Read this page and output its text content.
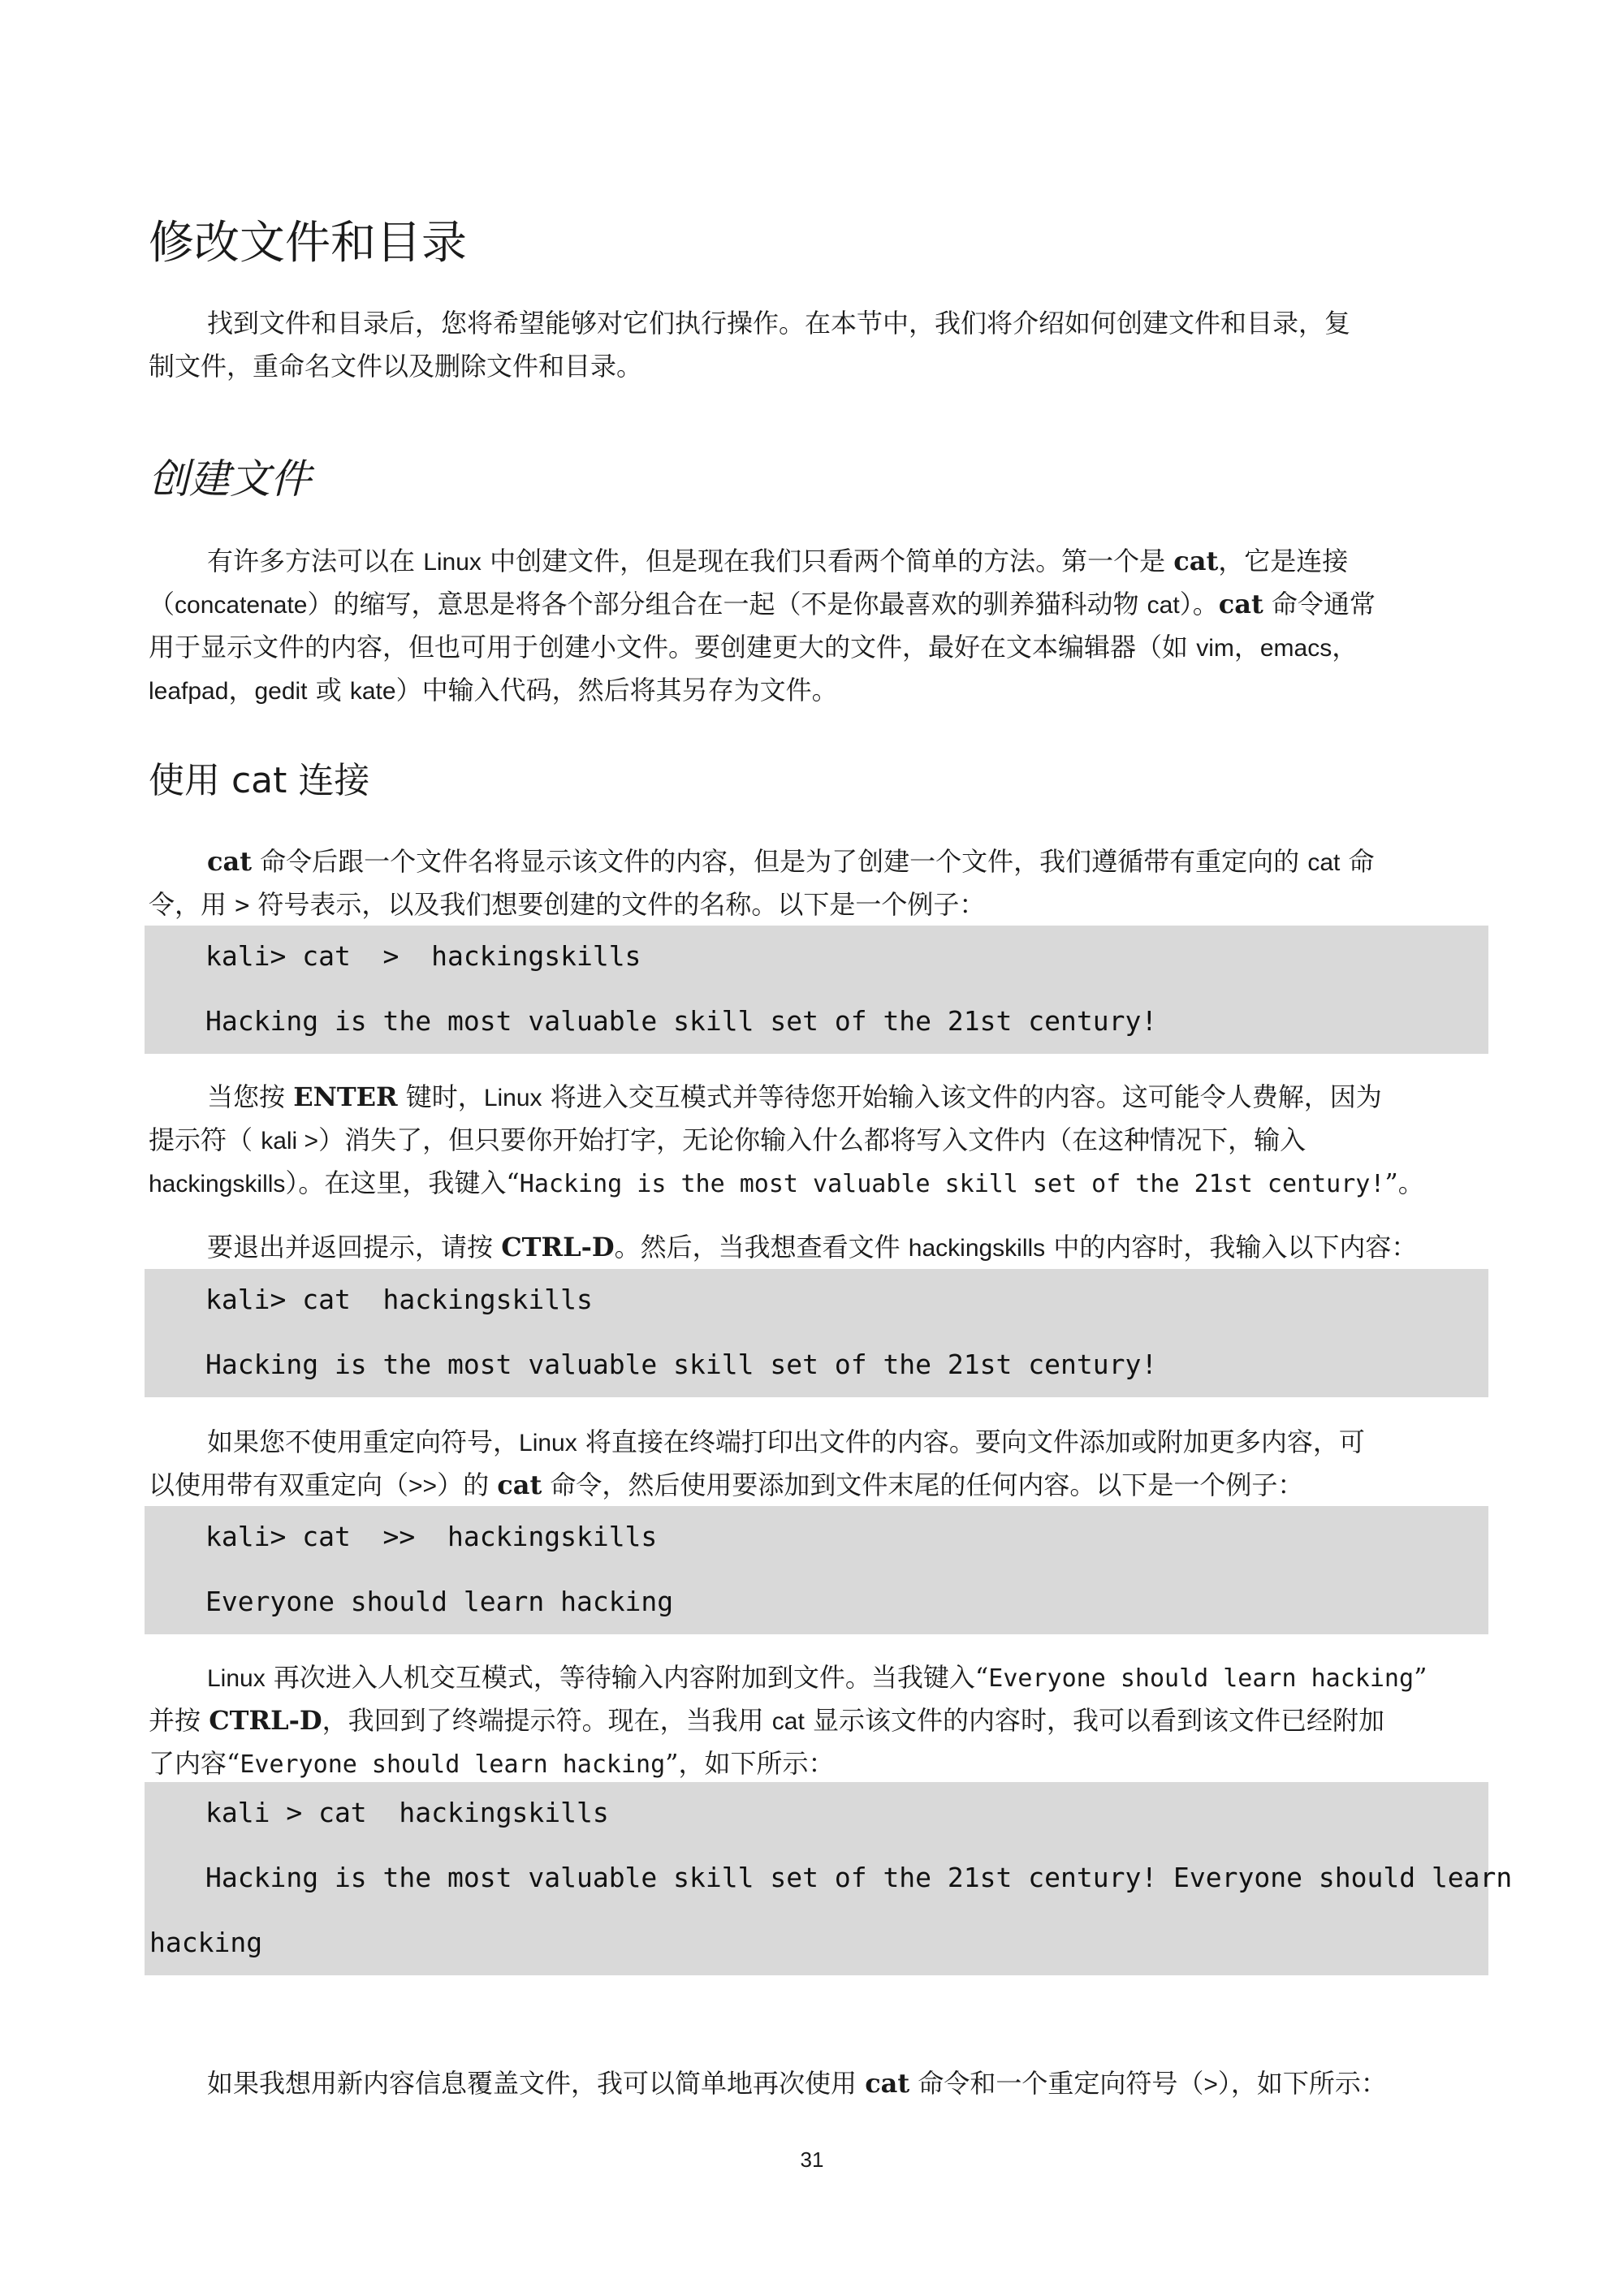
修改文件和目录

找到文件和目录后，您将希望能够对它们执行操作。在本节中，我们将介绍如何创建文件和目录，复

制文件，重命名文件以及删除文件和目录。

创建文件

有许多方法可以在 Linux 中创建文件，但是现在我们只看两个简单的方法。第一个是 cat，它是连接

（concatenate）的缩写，意思是将各个部分组合在一起（不是你最喜欢的驯养猫科动物 cat）。cat 命令通常

用于显示文件的内容，但也可用于创建小文件。要创建更大的文件，最好在文本编辑器（如 vim，emacs，

leafpad，gedit 或 kate）中输入代码，然后将其另存为文件。

使用 cat 连接

cat 命令后跟一个文件名将显示该文件的内容，但是为了创建一个文件，我们遵循带有重定向的 cat 命

令，用 > 符号表示，以及我们想要创建的文件的名称。以下是一个例子：

kali> cat  >  hackingskills
Hacking is the most valuable skill set of the 21st century!

当您按 ENTER 键时，Linux 将进入交互模式并等待您开始输入该文件的内容。这可能令人费解，因为

提示符（ kali >）消失了，但只要你开始打字，无论你输入什么都将写入文件内（在这种情况下，输入

hackingskills）。在这里，我键入“Hacking is the most valuable skill set of the 21st century!”。

要退出并返回提示，请按 CTRL-D。然后，当我想查看文件 hackingskills 中的内容时，我输入以下内容：

kali> cat  hackingskills
Hacking is the most valuable skill set of the 21st century!

如果您不使用重定向符号，Linux 将直接在终端打印出文件的内容。要向文件添加或附加更多内容，可

以使用带有双重定向（>>）的 cat 命令，然后使用要添加到文件末尾的任何内容。以下是一个例子：

kali> cat  >>  hackingskills
Everyone should learn hacking

Linux 再次进入人机交互模式，等待输入内容附加到文件。当我键入“Everyone should learn hacking”

并按 CTRL-D，我回到了终端提示符。现在，当我用 cat 显示该文件的内容时，我可以看到该文件已经附加

了内容“Everyone should learn hacking”，如下所示：

kali > cat  hackingskills
Hacking is the most valuable skill set of the 21st century! Everyone should learn
hacking

如果我想用新内容信息覆盖文件，我可以简单地再次使用 cat 命令和一个重定向符号（>），如下所示：

31
